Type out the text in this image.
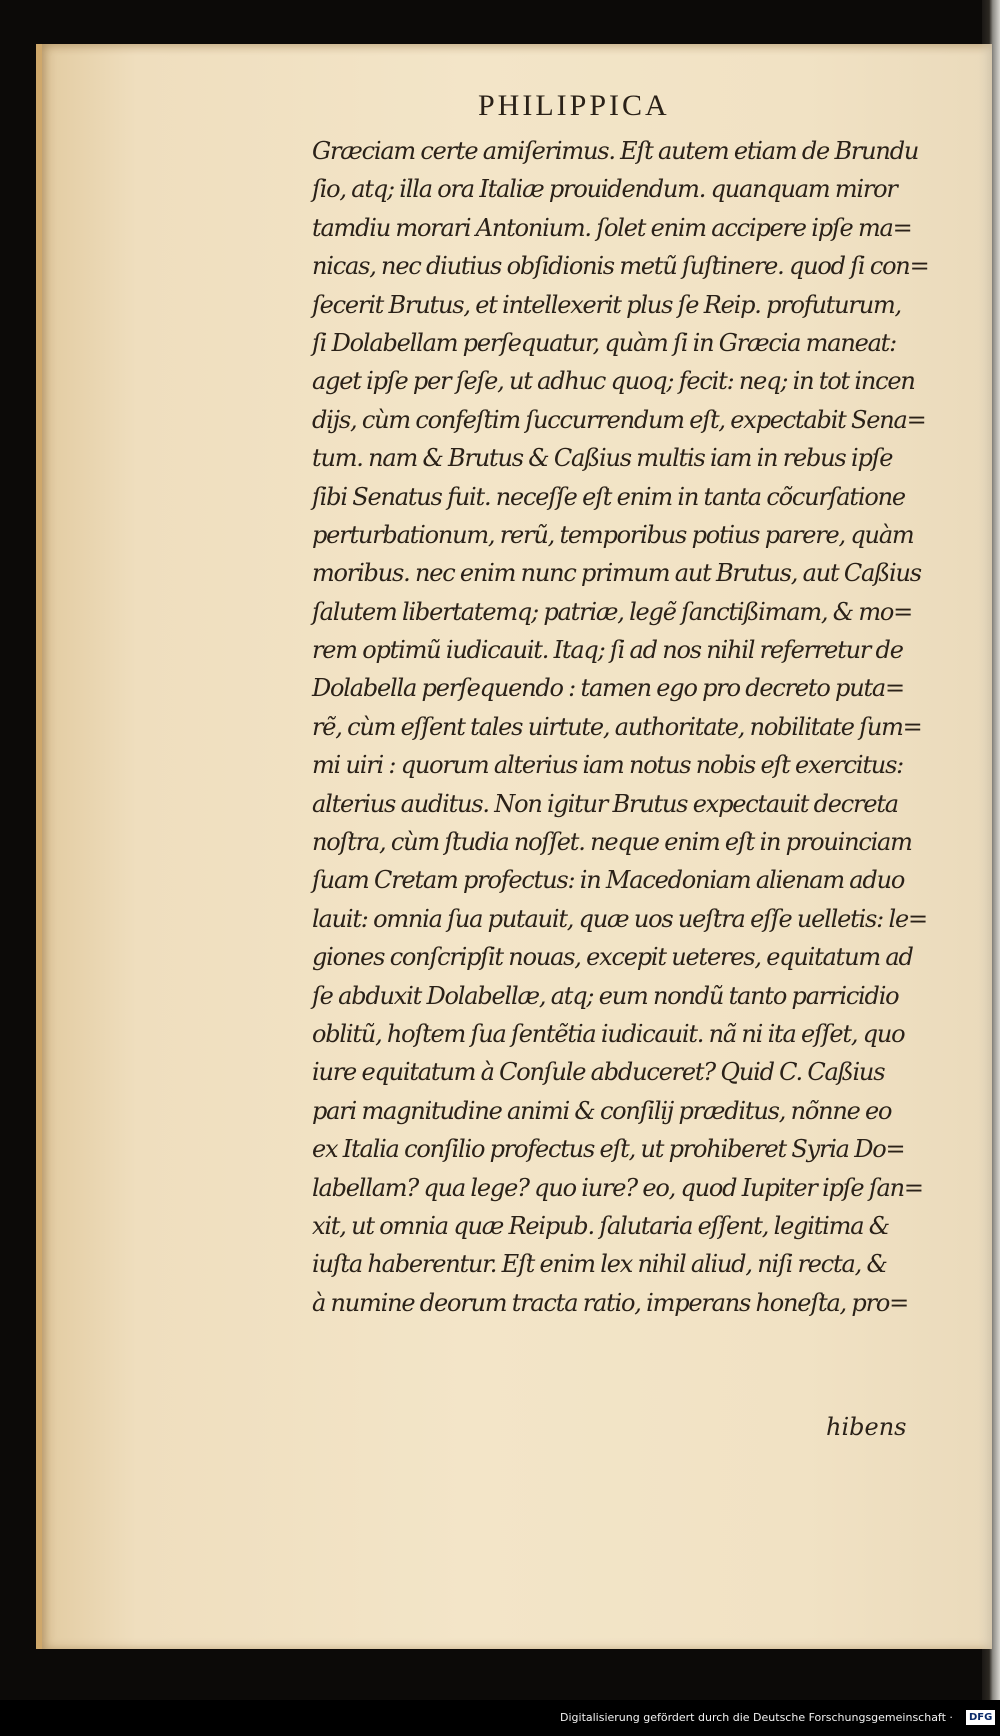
PHILIPPICA
Græciam certe amiſerimus. Eſt autem etiam de Brundu
ſio, atq; illa ora Italiæ prouidendum. quanquam miror
tamdiu morari Antonium. ſolet enim accipere ipſe ma=
nicas, nec diutius obſidionis metũ ſuſtinere. quod ſi con=
ſecerit Brutus, et intellexerit plus ſe Reip. profuturum,
ſi Dolabellam perſequatur, quàm ſi in Græcia maneat:
aget ipſe per ſeſe, ut adhuc quoq; fecit: neq; in tot incen
dijs, cùm confeſtim ſuccurrendum eſt, expectabit Sena=
tum. nam & Brutus & Caßius multis iam in rebus ipſe
ſibi Senatus fuit. neceſſe eſt enim in tanta cõcurſatione
perturbationum, rerũ, temporibus potius parere, quàm
moribus. nec enim nunc primum aut Brutus, aut Caßius
ſalutem libertatemq; patriæ, legẽ ſanctißimam, & mo=
rem optimũ iudicauit. Itaq; ſi ad nos nihil referretur de
Dolabella perſequendo : tamen ego pro decreto puta=
rẽ, cùm eſſent tales uirtute, authoritate, nobilitate ſum=
mi uiri : quorum alterius iam notus nobis eſt exercitus:
alterius auditus. Non igitur Brutus expectauit decreta
noſtra, cùm ſtudia noſſet. neque enim eſt in prouinciam
ſuam Cretam profectus: in Macedoniam alienam aduo
lauit: omnia ſua putauit, quæ uos ueſtra eſſe uelletis: le=
giones conſcripſit nouas, excepit ueteres, equitatum ad
ſe abduxit Dolabellæ, atq; eum nondũ tanto parricidio
oblitũ, hoſtem ſua ſentẽtia iudicauit. nã ni ita eſſet, quo
iure equitatum à Conſule abduceret? Quid C. Caßius
pari magnitudine animi & conſilij præditus, nõnne eo
ex Italia conſilio profectus eſt, ut prohiberet Syria Do=
labellam? qua lege? quo iure? eo, quod Iupiter ipſe ſan=
xit, ut omnia quæ Reipub. ſalutaria eſſent, legitima &
iuſta haberentur. Eſt enim lex nihil aliud, niſi recta, &
à numine deorum tracta ratio, imperans honeſta, pro=

hibens

Digitalisierung gefördert durch die Deutsche Forschungsgemeinschaft ·	DFG
